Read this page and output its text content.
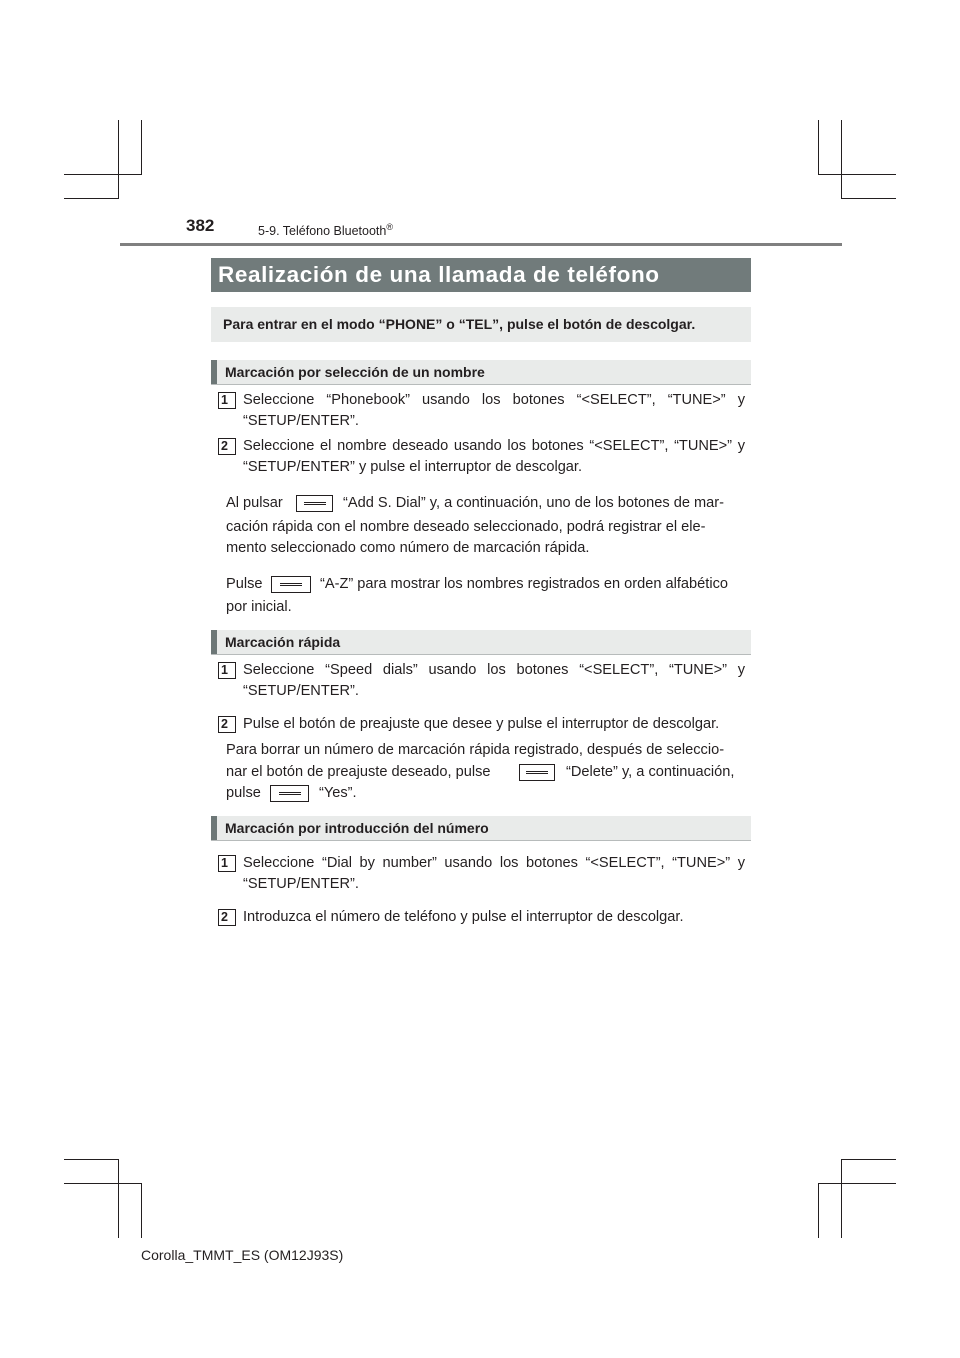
382	5-9. Teléfono Bluetooth®
Realización de una llamada de teléfono
Para entrar en el modo “PHONE” o “TEL”, pulse el botón de descolgar.
Marcación por selección de un nombre
1	Seleccione “Phonebook” usando los botones “<SELECT”, “TUNE>” y “SETUP/ENTER”.
2	Seleccione el nombre deseado usando los botones “<SELECT”, “TUNE>” y “SETUP/ENTER” y pulse el interruptor de descolgar.
Al pulsar	“Add S. Dial” y, a continuación, uno de los botones de mar-
cación rápida con el nombre deseado seleccionado, podrá registrar el ele-
mento seleccionado como número de marcación rápida.
Pulse	“A-Z” para mostrar los nombres registrados en orden alfabético
por inicial.
Marcación rápida
1	Seleccione “Speed dials” usando los botones “<SELECT”, “TUNE>” y “SETUP/ENTER”.
2	Pulse el botón de preajuste que desee y pulse el interruptor de descolgar.
Para borrar un número de marcación rápida registrado, después de seleccio-
nar el botón de preajuste deseado, pulse	“Delete” y, a continuación,
pulse	“Yes”.
Marcación por introducción del número
1	Seleccione “Dial by number” usando los botones “<SELECT”, “TUNE>” y “SETUP/ENTER”.
2	Introduzca el número de teléfono y pulse el interruptor de descolgar.
Corolla_TMMT_ES (OM12J93S)
